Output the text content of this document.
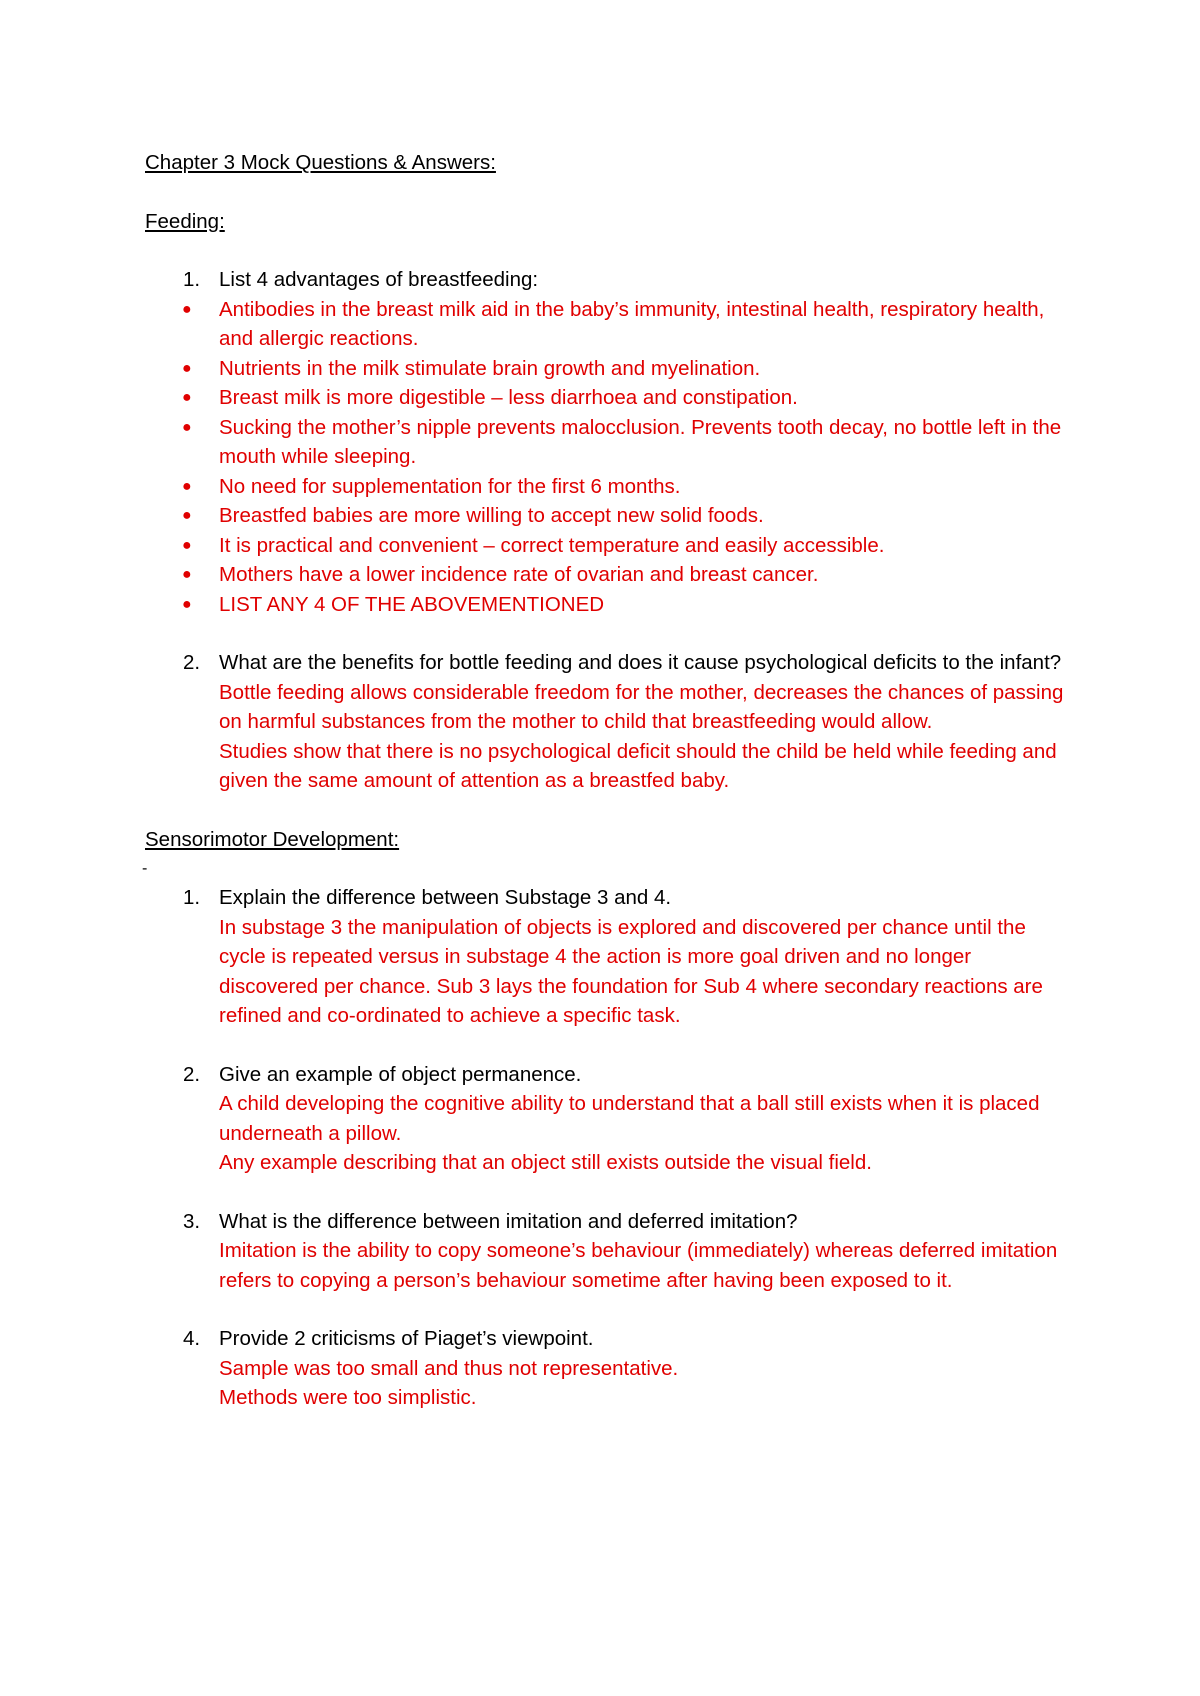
Chapter 3 Mock Questions & Answers:

Feeding:

1. List 4 advantages of breastfeeding:
● Antibodies in the breast milk aid in the baby’s immunity, intestinal health, respiratory health, and allergic reactions.
● Nutrients in the milk stimulate brain growth and myelination.
● Breast milk is more digestible – less diarrhoea and constipation.
● Sucking the mother’s nipple prevents malocclusion. Prevents tooth decay, no bottle left in the mouth while sleeping.
● No need for supplementation for the first 6 months.
● Breastfed babies are more willing to accept new solid foods.
● It is practical and convenient – correct temperature and easily accessible.
● Mothers have a lower incidence rate of ovarian and breast cancer.
● LIST ANY 4 OF THE ABOVEMENTIONED
2. What are the benefits for bottle feeding and does it cause psychological deficits to the infant?
Bottle feeding allows considerable freedom for the mother, decreases the chances of passing on harmful substances from the mother to child that breastfeeding would allow.
Studies show that there is no psychological deficit should the child be held while feeding and given the same amount of attention as a breastfed baby.

Sensorimotor Development:

-
1. Explain the difference between Substage 3 and 4.
In substage 3 the manipulation of objects is explored and discovered per chance until the cycle is repeated versus in substage 4 the action is more goal driven and no longer discovered per chance. Sub 3 lays the foundation for Sub 4 where secondary reactions are refined and co-ordinated to achieve a specific task.
2. Give an example of object permanence.
A child developing the cognitive ability to understand that a ball still exists when it is placed underneath a pillow.
Any example describing that an object still exists outside the visual field.
3. What is the difference between imitation and deferred imitation?
Imitation is the ability to copy someone’s behaviour (immediately) whereas deferred imitation refers to copying a person’s behaviour sometime after having been exposed to it.
4. Provide 2 criticisms of Piaget’s viewpoint.
Sample was too small and thus not representative.
Methods were too simplistic.
